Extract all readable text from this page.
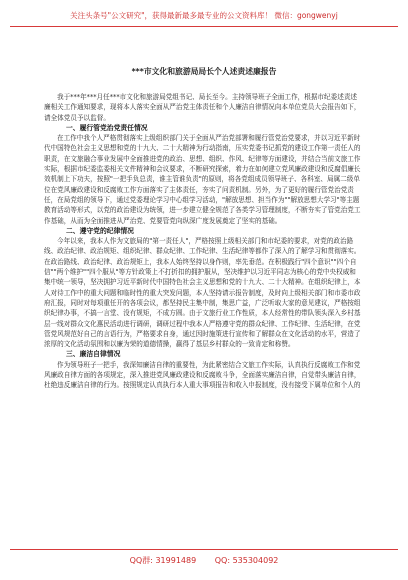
关注头条号"公文研究"，获得最新最多最专业的公文资料库！ 微信：gongwenyj
***市文化和旅游局局长个人述责述廉报告

我于***年***月任***市文化和旅游局党组书记、局长至今。主持领导班子全面工作，根据市纪委述责述廉相关工作通知要求，现将本人落实全面从严治党主体责任和个人廉洁自律情况向本单位党员大会报告如下，请全体党员予以监督。

一、履行管党治党责任情况

在工作中我个人严格贯彻落实上级组织部门关于全面从严治党部署和履行管党治党要求，并以习近平新时代中国特色社会主义思想和党的十九大、二十大精神为行动指南，压实党委书记抓党的建设工作第一责任人的职责，在文旅融合事业发展中全面推进党的政治、思想、组织、作风、纪律等方面建设，并结合当前文旅工作实际，根据市纪委监委相关文件精神和会议要求，不断研究探索，着力在如何建立党风廉政建设和反腐倡廉长效机制上下功夫，按照"一把手负总责，谁主管谁负责"的原则，将各党组成员领导班子、各科室、局属二级单位在党风廉政建设和反腐败工作方面落实了主体责任，夯实了问责机制。另外，为了更好的履行管党治党责任，在局党组的领导下，通过党委理论学习中心组学习活动，"解放思想、担当作为""解放思想大学习"等主题教育活动等形式，以党的政治建设为统领，进一步建立健全规范了各类学习管理制度，不断夯实了管党治党工作基础，从而为全面推进从严治党、党要管党向纵深广度发展奠定了坚实的基础。

二、遵守党的纪律情况

今年以来，我本人作为文旅局的"第一责任人"，严格按照上级相关部门和市纪委的要求，对党的政治路线、政治纪律、政治规矩、组织纪律、群众纪律、工作纪律、生活纪律等都作了深入的了解学习和贯彻落实。在政治路线、政治纪律、政治规矩上，我本人始终坚持以身作则，率先垂范。在积极践行"四个意识""四个自信""两个维护""四个服从"等方针政策上不打折扣的拥护服从，坚决维护以习近平同志为核心的党中央权威和集中统一领导，坚决拥护习近平新时代中国特色社会主义思想和党的十九大、二十大精神。在组织纪律上，本人对待工作中的重大问题和临时性的重大突发问题，本人坚持请示报告制度，及时向上级相关部门和市委市政府汇报，同时对每项重任开的各项会议，都坚持民主集中制，集思广益，广泛听取大家的意见建议，严格按组织纪律办事，不搞一言堂、没有规矩，不成方圆。由于文旅行业工作性质，本人经常性的带队领头深入乡村基层一线对群众文化惠民活动进行调研，调研过程中我本人严格遵守党的群众纪律、工作纪律、生活纪律，在党管党风规范好自己的言语行为，严格要求自身，通过因时施策进行宣传和了解群众在文化活动的水平，营造了浓厚的文化活动氛围和以廉为荣的道德情操，赢得了基层乡村群众的一致肯定和称赞。

三、廉洁自律情况

作为领导班子一把手，我深知廉洁自律的重要性，为此紧密结合文旅工作实际，认真执行反腐败工作和党风廉政自律方面的各项规定，深入推进党风廉政建设和反腐败斗争，全面落实廉洁自律，自觉带头廉洁自律，杜绝违反廉洁自律的行为。按照规定认真执行本人重大事项报告和收入申报制度，没有接受下属单位和个人的

QQ群: 31991489 QQ: 535304092
